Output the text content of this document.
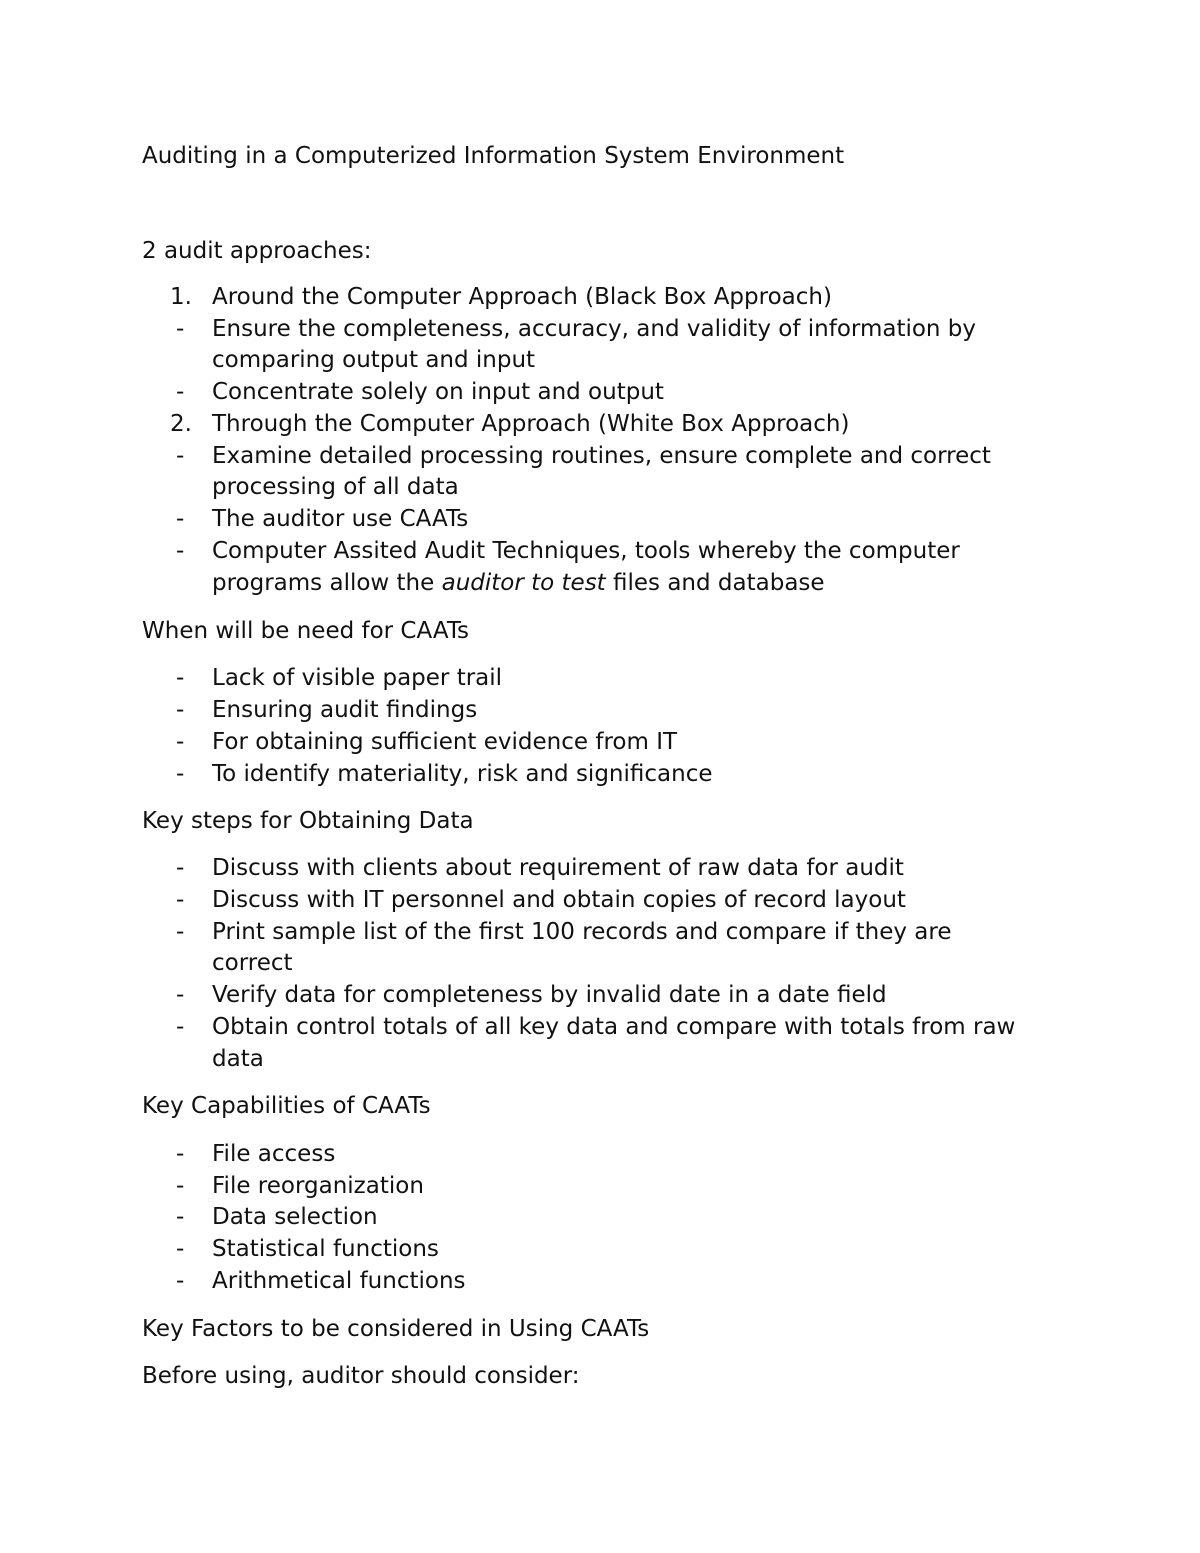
Auditing in a Computerized Information System Environment
2 audit approaches:
1. Around the Computer Approach (Black Box Approach)
-	Ensure the completeness, accuracy, and validity of information by
comparing output and input
-	Concentrate solely on input and output
2. Through the Computer Approach (White Box Approach)
-	Examine detailed processing routines, ensure complete and correct
processing of all data
-	The auditor use CAATs
-	Computer Assited Audit Techniques, tools whereby the computer
programs allow the auditor to test files and database
When will be need for CAATs
-	Lack of visible paper trail
-	Ensuring audit findings
-	For obtaining sufficient evidence from IT
-	To identify materiality, risk and significance
Key steps for Obtaining Data
-	Discuss with clients about requirement of raw data for audit
-	Discuss with IT personnel and obtain copies of record layout
-	Print sample list of the first 100 records and compare if they are
correct
-	Verify data for completeness by invalid date in a date field
-	Obtain control totals of all key data and compare with totals from raw
data
Key Capabilities of CAATs
-	File access
-	File reorganization
-	Data selection
-	Statistical functions
-	Arithmetical functions
Key Factors to be considered in Using CAATs
Before using, auditor should consider:
